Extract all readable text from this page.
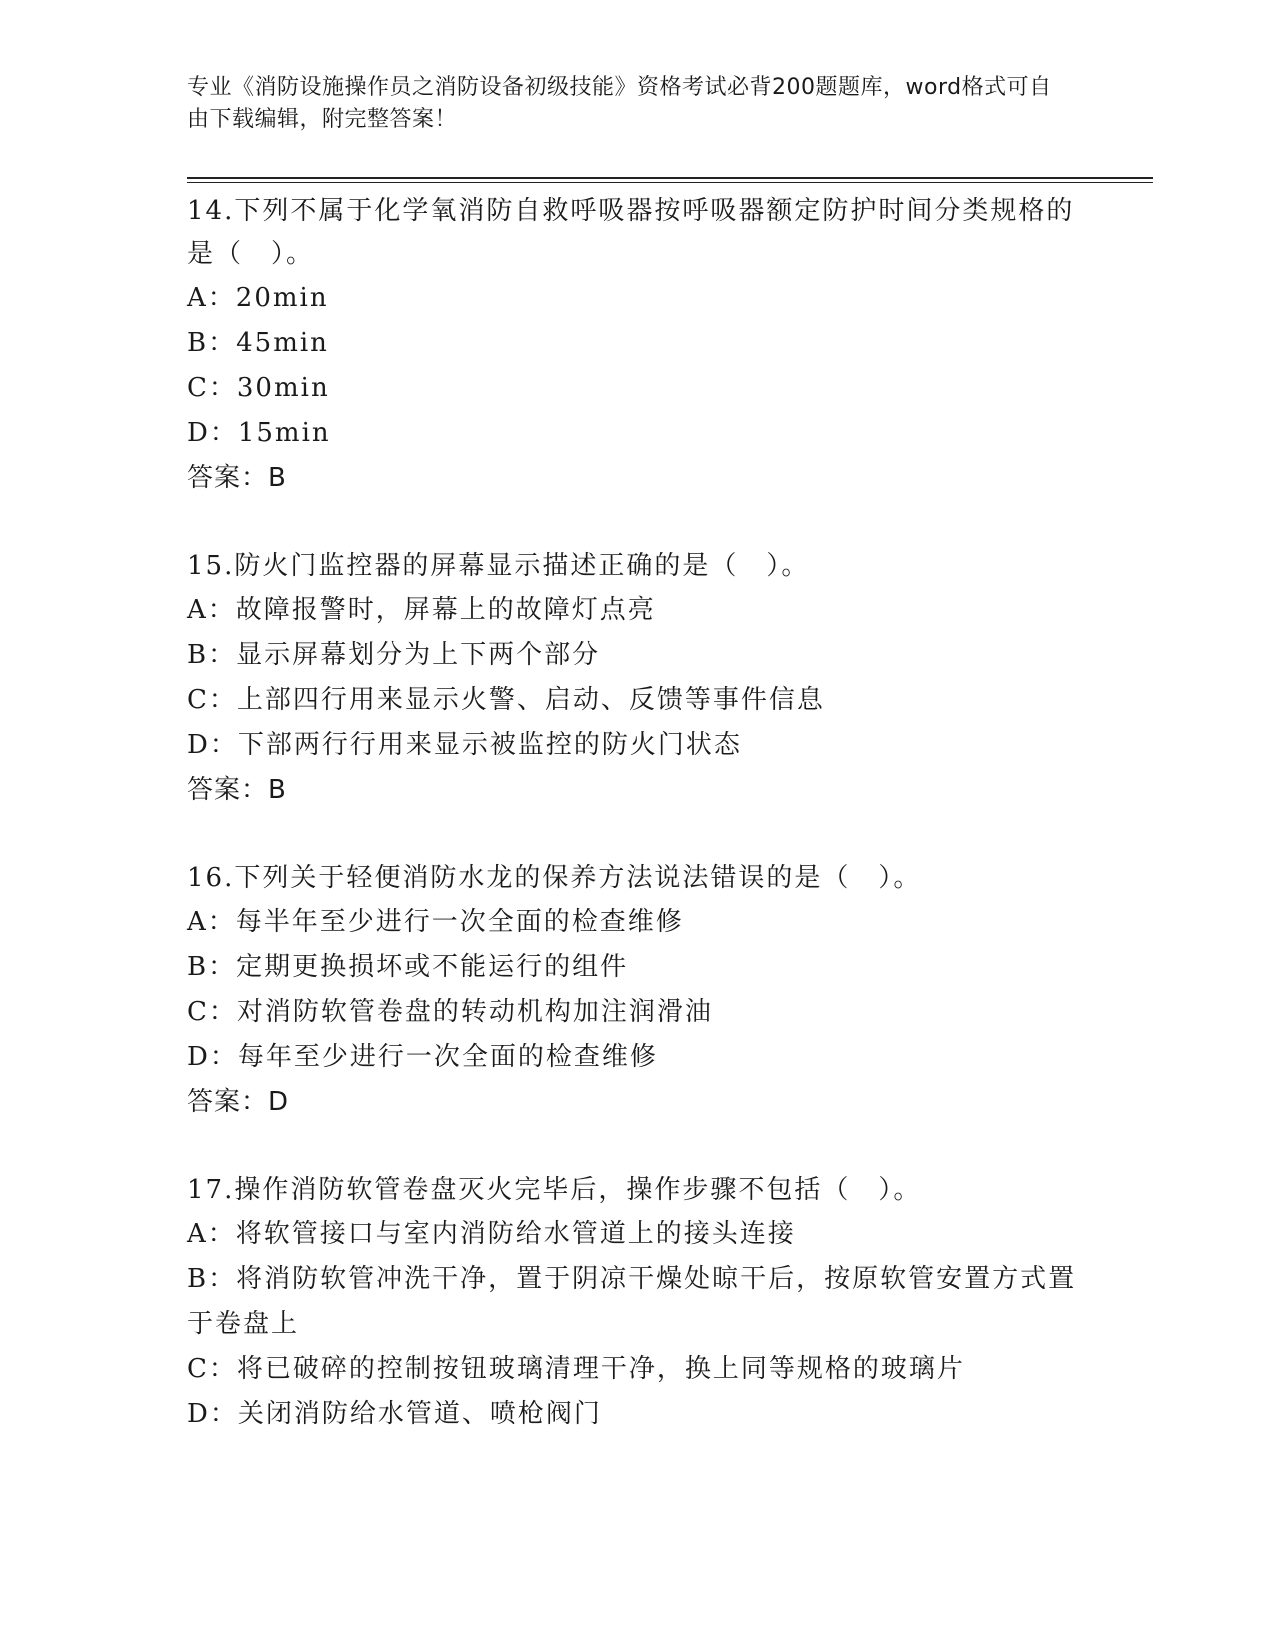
专业《消防设施操作员之消防设备初级技能》资格考试必背200题题库，word格式可自由下载编辑，附完整答案！

14.下列不属于化学氧消防自救呼吸器按呼吸器额定防护时间分类规格的是（　）。

A：20min

B：45min

C：30min

D：15min

答案：B

15.防火门监控器的屏幕显示描述正确的是（　）。

A：故障报警时，屏幕上的故障灯点亮

B：显示屏幕划分为上下两个部分

C：上部四行用来显示火警、启动、反馈等事件信息

D：下部两行行用来显示被监控的防火门状态

答案：B

16.下列关于轻便消防水龙的保养方法说法错误的是（　）。

A：每半年至少进行一次全面的检查维修

B：定期更换损坏或不能运行的组件

C：对消防软管卷盘的转动机构加注润滑油

D：每年至少进行一次全面的检查维修

答案：D

17.操作消防软管卷盘灭火完毕后，操作步骤不包括（　）。

A：将软管接口与室内消防给水管道上的接头连接

B：将消防软管冲洗干净，置于阴凉干燥处晾干后，按原软管安置方式置于卷盘上

C：将已破碎的控制按钮玻璃清理干净，换上同等规格的玻璃片

D：关闭消防给水管道、喷枪阀门
